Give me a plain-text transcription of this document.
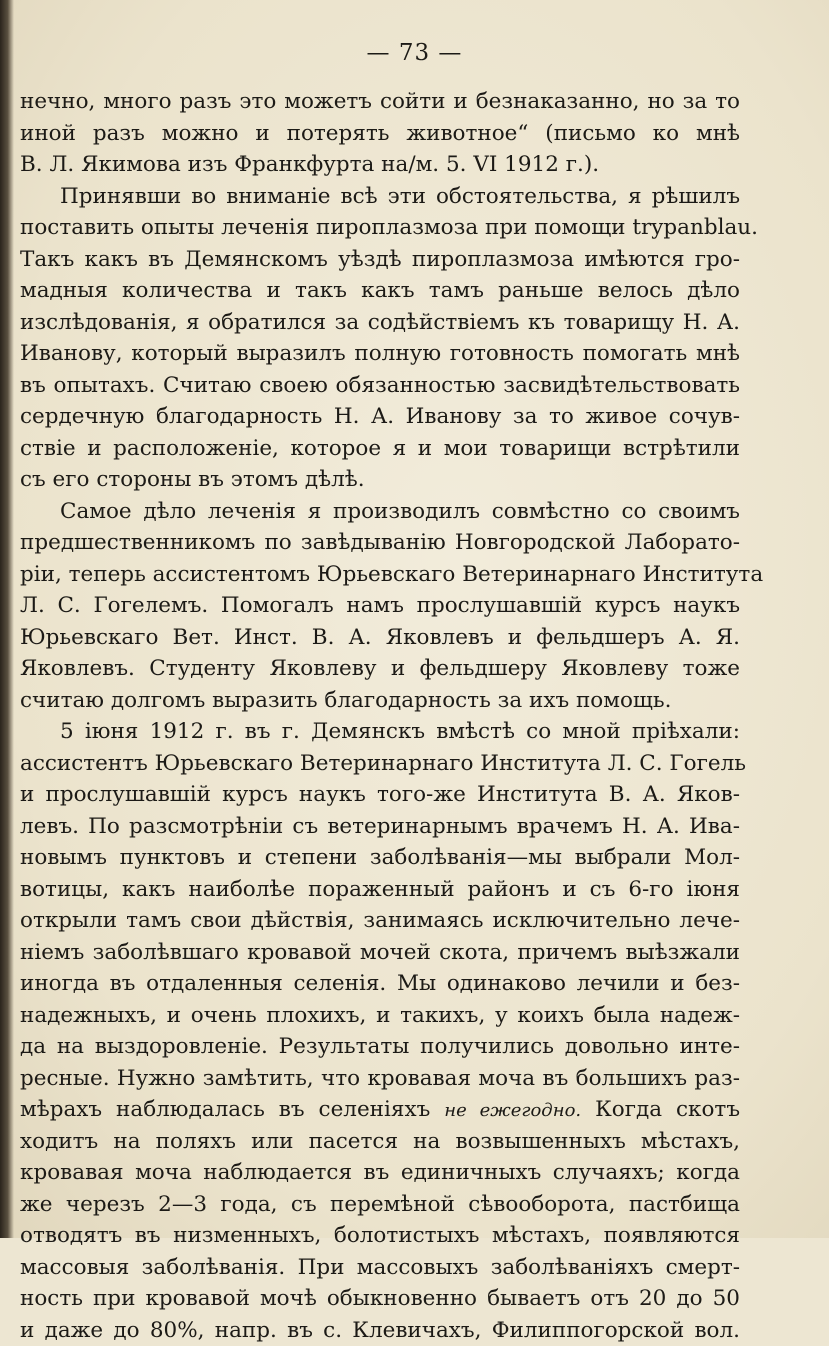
— 73 —
нечно, много разъ это можетъ сойти и безнаказанно, но за то
иной разъ можно и потерять животное“ (письмо ко мнѣ
В. Л. Якимова изъ Франкфурта на/м. 5. VI 1912 г.).
Принявши во вниманіе всѣ эти обстоятельства, я рѣшилъ
поставить опыты леченія пироплазмоза при помощи trypanblau.
Такъ какъ въ Демянскомъ уѣздѣ пироплазмоза имѣются гро-
мадныя количества и такъ какъ тамъ раньше велось дѣло
изслѣдованія, я обратился за содѣйствіемъ къ товарищу Н. А.
Иванову, который выразилъ полную готовность помогать мнѣ
въ опытахъ. Считаю своею обязанностью засвидѣтельствовать
сердечную благодарность Н. А. Иванову за то живое сочув-
ствіе и расположеніе, которое я и мои товарищи встрѣтили
съ его стороны въ этомъ дѣлѣ.
Самое дѣло леченія я производилъ совмѣстно со своимъ
предшественникомъ по завѣдыванію Новгородской Лаборато-
ріи, теперь ассистентомъ Юрьевскаго Ветеринарнаго Института
Л. С. Гогелемъ. Помогалъ намъ прослушавшій курсъ наукъ
Юрьевскаго Вет. Инст. В. А. Яковлевъ и фельдшеръ А. Я.
Яковлевъ. Студенту Яковлеву и фельдшеру Яковлеву тоже
считаю долгомъ выразить благодарность за ихъ помощь.
5 іюня 1912 г. въ г. Демянскъ вмѣстѣ со мной пріѣхали:
ассистентъ Юрьевскаго Ветеринарнаго Института Л. С. Гогель
и прослушавшій курсъ наукъ того-же Института В. А. Яков-
левъ. По разсмотрѣніи съ ветеринарнымъ врачемъ Н. А. Ива-
новымъ пунктовъ и степени заболѣванія—мы выбрали Мол-
вотицы, какъ наиболѣе пораженный районъ и съ 6-го іюня
открыли тамъ свои дѣйствія, занимаясь исключительно лече-
ніемъ заболѣвшаго кровавой мочей скота, причемъ выѣзжали
иногда въ отдаленныя селенія. Мы одинаково лечили и без-
надежныхъ, и очень плохихъ, и такихъ, у коихъ была надеж-
да на выздоровленіе. Результаты получились довольно инте-
ресные. Нужно замѣтить, что кровавая моча въ большихъ раз-
мѣрахъ наблюдалась въ селеніяхъ не ежегодно. Когда скотъ
ходитъ на поляхъ или пасется на возвышенныхъ мѣстахъ,
кровавая моча наблюдается въ единичныхъ случаяхъ; когда
же черезъ 2—3 года, съ перемѣной сѣвооборота, пастбища
отводятъ въ низменныхъ, болотистыхъ мѣстахъ, появляются
массовыя заболѣванія. При массовыхъ заболѣваніяхъ смерт-
ность при кровавой мочѣ обыкновенно бываетъ отъ 20 до 50
и даже до 80%, напр. въ с. Клевичахъ, Филиппогорской вол.
